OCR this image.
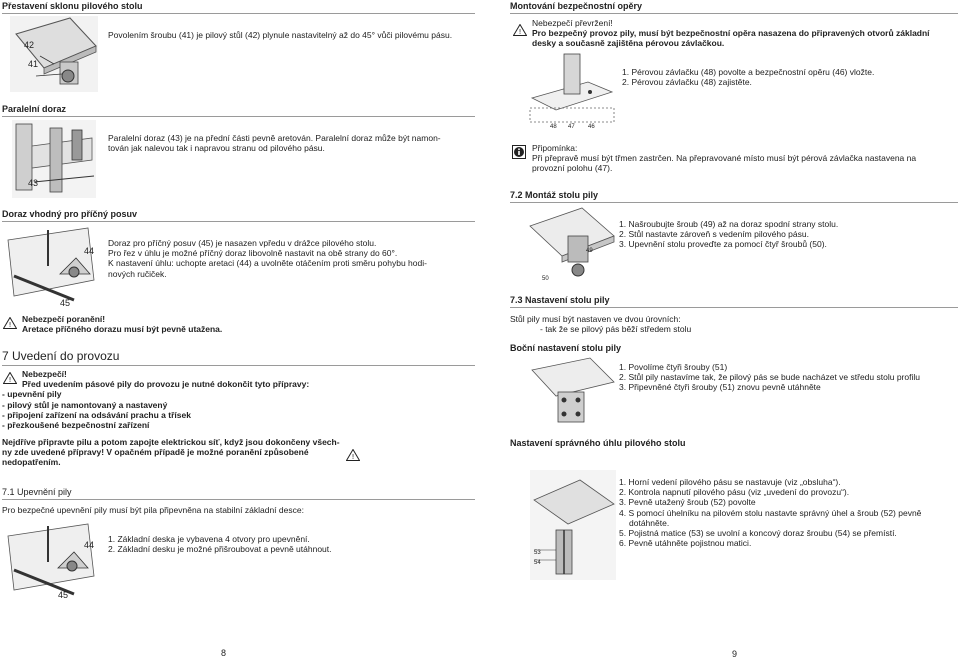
Přestavení sklonu pilového stolu
42
41
Povolením šroubu (41) je pilový stůl (42) plynule nastavitelný až do 45° vůči pilovému pásu.
Paralelní doraz
43
Paralelní doraz (43) je na přední části pevně aretován. Paralelní doraz může být namon-
tován jak nalevou tak i napravou stranu od pilového pásu.
Doraz vhodný pro příčný posuv
44
45
Doraz pro příčný posuv (45) je nasazen vpředu v drážce pilového stolu.
Pro řez v úhlu je možné příčný doraz libovolně nastavit na obě strany do 60°.
K nastavení úhlu: uchopte aretaci (44) a uvolněte otáčením proti směru pohybu hodi-
nových ručiček.
!
Nebezpečí poranění!
Aretace příčného dorazu musí být pevně utažena.
7 Uvedení do provozu
!
Nebezpečí!
Před uvedením pásové pily do provozu je nutné dokončit tyto přípravy:
- upevnění pily
- pilový stůl je namontovaný a nastavený
- připojení zařízení na odsávání prachu a třísek
- přezkoušené bezpečnostní zařízení
Nejdříve připravte pilu a potom zapojte elektrickou síť, když jsou dokončeny všech-
ny zde uvedené přípravy! V opačném případě je možné poranění způsobené
nedopatřením.
!
7.1 Upevnění pily
Pro bezpečné upevnění pily musí být pila připevněna na stabilní základní desce:
44
45
1. Základní deska je vybavena 4 otvory pro upevnění.
2. Základní desku je možné přišroubovat a pevně utáhnout.
8
Montování bezpečnostní opěry
!
Nebezpečí převržení!
Pro bezpečný provoz pily, musí být bezpečnostní opěra nasazena do připravených otvorů základní
desky a současně zajištěna pérovou závlačkou.
48 47 46
1. Pérovou závlačku (48) povolte a bezpečnostní opěru (46) vložte.
2. Pérovou závlačku (48) zajistěte.
Připomínka:
Při přepravě musí být třmen zastrčen. Na přepravované místo musí být pérová závlačka nastavena na
provozní polohu (47).
7.2 Montáž stolu pily
49
50
1. Našroubujte šroub (49) až na doraz spodní strany stolu.
2. Stůl nastavte zároveň s vedením pilového pásu.
3. Upevnění stolu proveďte za pomocí čtyř šroubů (50).
7.3 Nastavení stolu pily
Stůl pily musí být nastaven ve dvou úrovních:
- tak že se pilový pás běží středem stolu
Boční nastavení stolu pily
1. Povolíme čtyři šrouby (51)
2. Stůl pily nastavíme tak, že pilový pás se bude nacházet ve středu stolu profilu
3. Připevněné čtyři šrouby (51) znovu pevně utáhněte
Nastavení správného úhlu pilového stolu
53
54
1. Horní vedení pilového pásu se nastavuje (viz „obsluha“).
2. Kontrola napnutí pilového pásu (viz „uvedení do provozu“).
3. Pevně utažený šroub (52) povolte
4. S pomocí úhelníku na pilovém stolu nastavte správný úhel a šroub (52) pevně
dotáhněte.
5. Pojistná matice (53) se uvolní a koncový doraz šroubu (54) se přemístí.
6. Pevně utáhněte pojistnou matici.
9
